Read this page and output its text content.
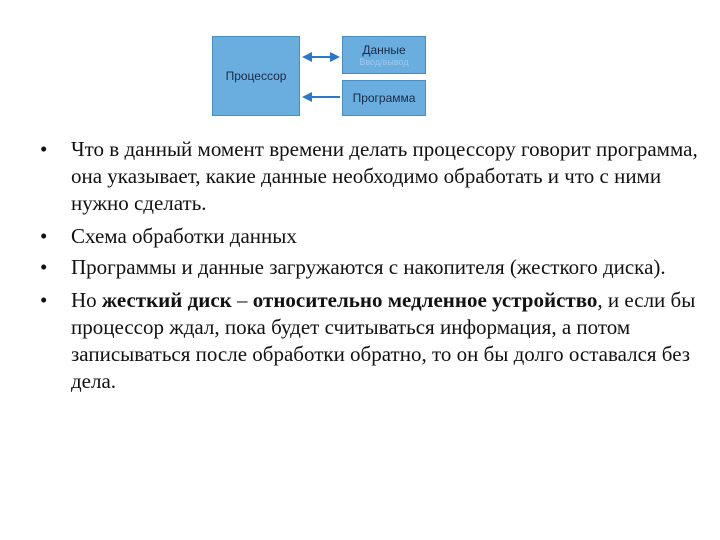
Процессор
Данные
Ввод/вывод
Программа
• Что в данный момент времени делать процессору говорит программа, она указывает, какие данные необходимо обработать и что с ними нужно сделать.
• Схема обработки данных
• Программы и данные загружаются с накопителя (жесткого диска).
• Но жесткий диск – относительно медленное устройство, и если бы процессор ждал, пока будет считываться информация, а потом записываться после обработки обратно, то он бы долго оставался без дела.
